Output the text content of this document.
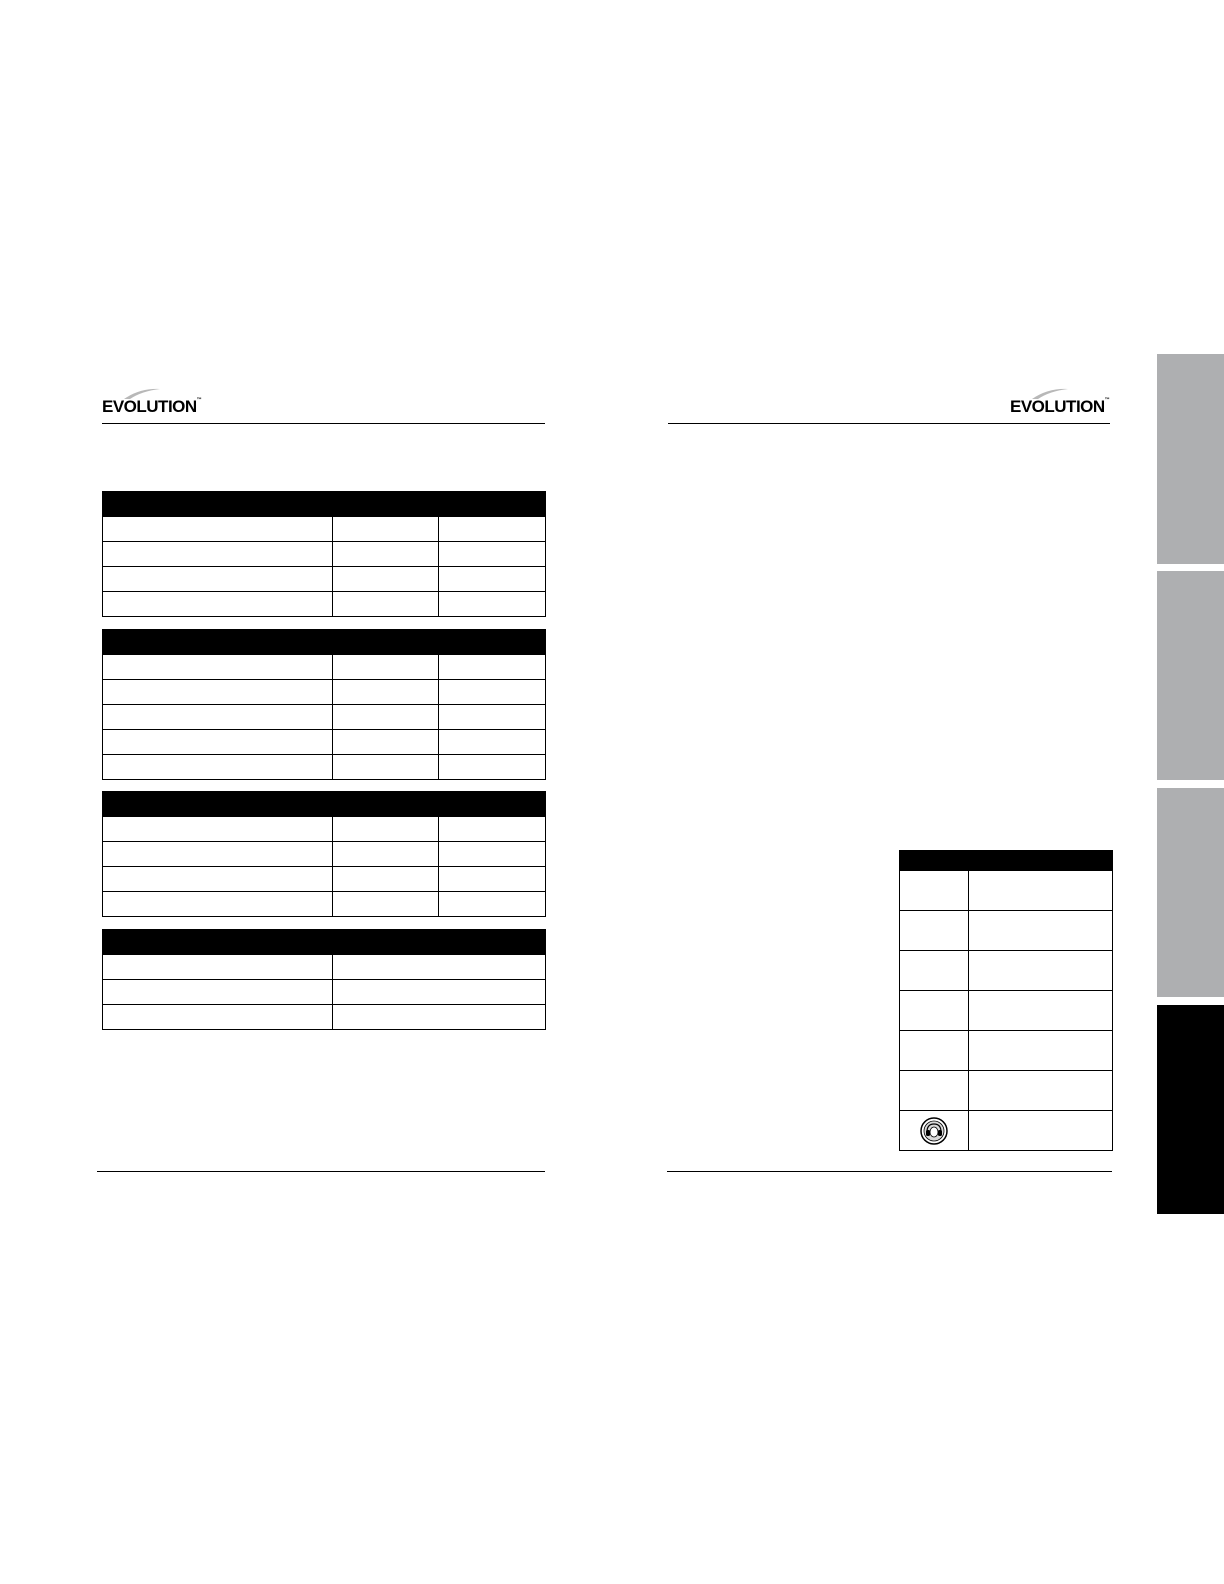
EVOLUTION™

		EVOLUTION™
